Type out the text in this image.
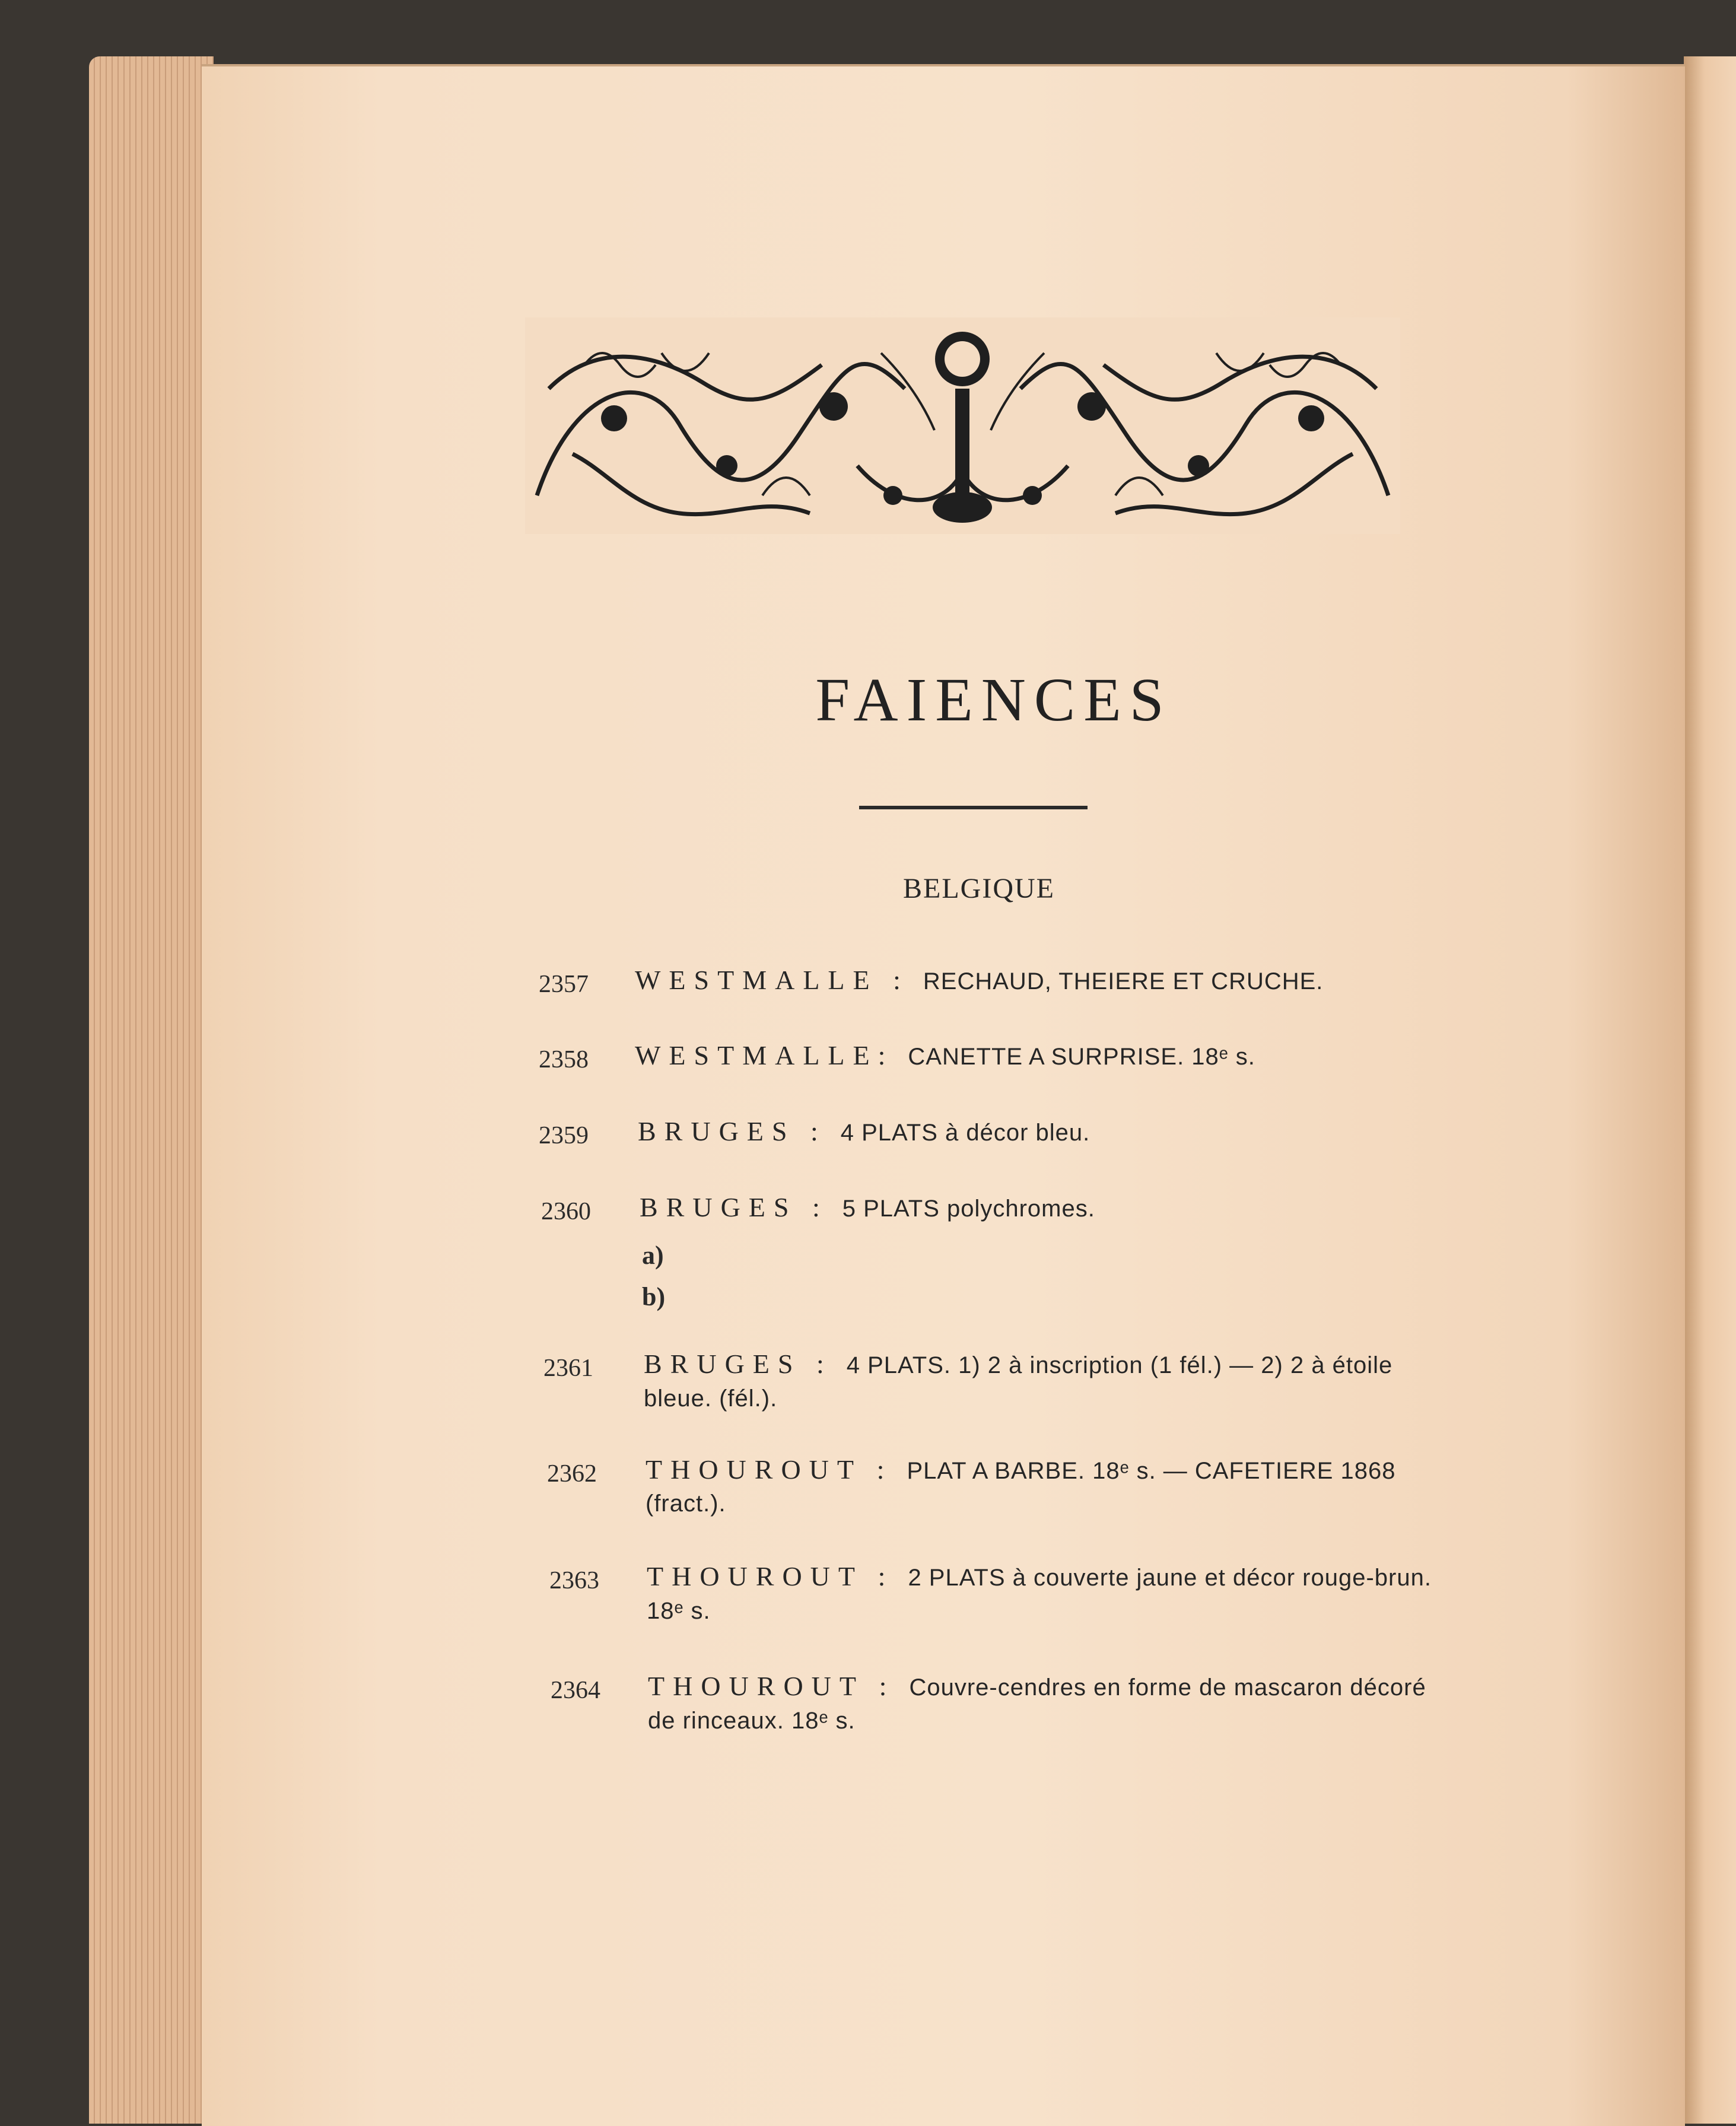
FAIENCES
BELGIQUE
2357 WESTMALLE : RECHAUD, THEIERE ET CRUCHE.
2358 WESTMALLE: CANETTE A SURPRISE. 18ᵉ s.
2359 BRUGES : 4 PLATS à décor bleu.
2360 BRUGES : 5 PLATS polychromes.
a)
b)
2361 BRUGES : 4 PLATS. 1) 2 à inscription (1 fél.) — 2) 2 à étoile
bleue. (fél.).
2362 THOUROUT : PLAT A BARBE. 18ᵉ s. — CAFETIERE 1868
(fract.).
2363 THOUROUT : 2 PLATS à couverte jaune et décor rouge-brun.
18ᵉ s.
2364 THOUROUT : Couvre-cendres en forme de mascaron décoré
de rinceaux. 18ᵉ s.
